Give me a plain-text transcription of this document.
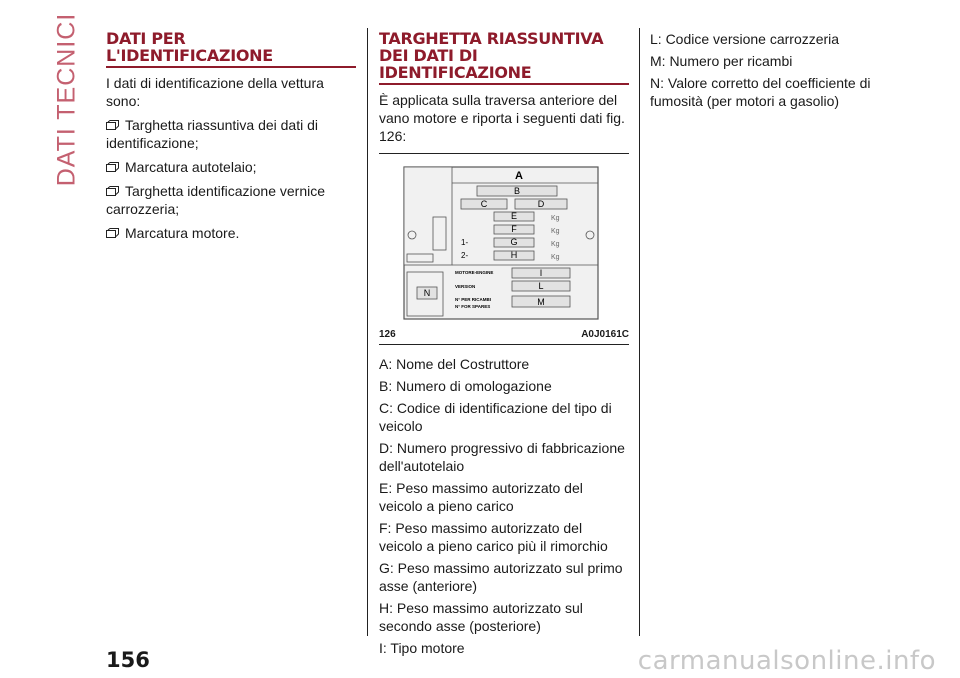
DATI TECNICI DATI PER L'IDENTIFICAZIONE

I dati di identificazione della vettura sono:

Targhetta riassuntiva dei dati di identificazione;

Marcatura autotelaio;

Targhetta identificazione vernice carrozzeria;

Marcatura motore.

TARGHETTA RIASSUNTIVA DEI DATI DI IDENTIFICAZIONE

È applicata sulla traversa anteriore del vano motore e riporta i seguenti dati fig. 126:

N
A
B
C	D
E	Kg
F	Kg
1-	G	Kg
2-	H	Kg
MOTORE-ENGINE	I
VERSION	L
N° PER RICAMBI
N° FOR SPARES	M
126	A0J0161C

A: Nome del Costruttore

B: Numero di omologazione

C: Codice di identificazione del tipo di veicolo

D: Numero progressivo di fabbricazione dell'autotelaio

E: Peso massimo autorizzato del veicolo a pieno carico

F: Peso massimo autorizzato del veicolo a pieno carico più il rimorchio

G: Peso massimo autorizzato sul primo asse (anteriore)

H: Peso massimo autorizzato sul secondo asse (posteriore)

I: Tipo motore

L: Codice versione carrozzeria

M: Numero per ricambi

N: Valore corretto del coefficiente di fumosità (per motori a gasolio)

156	carmanualsonline.info
